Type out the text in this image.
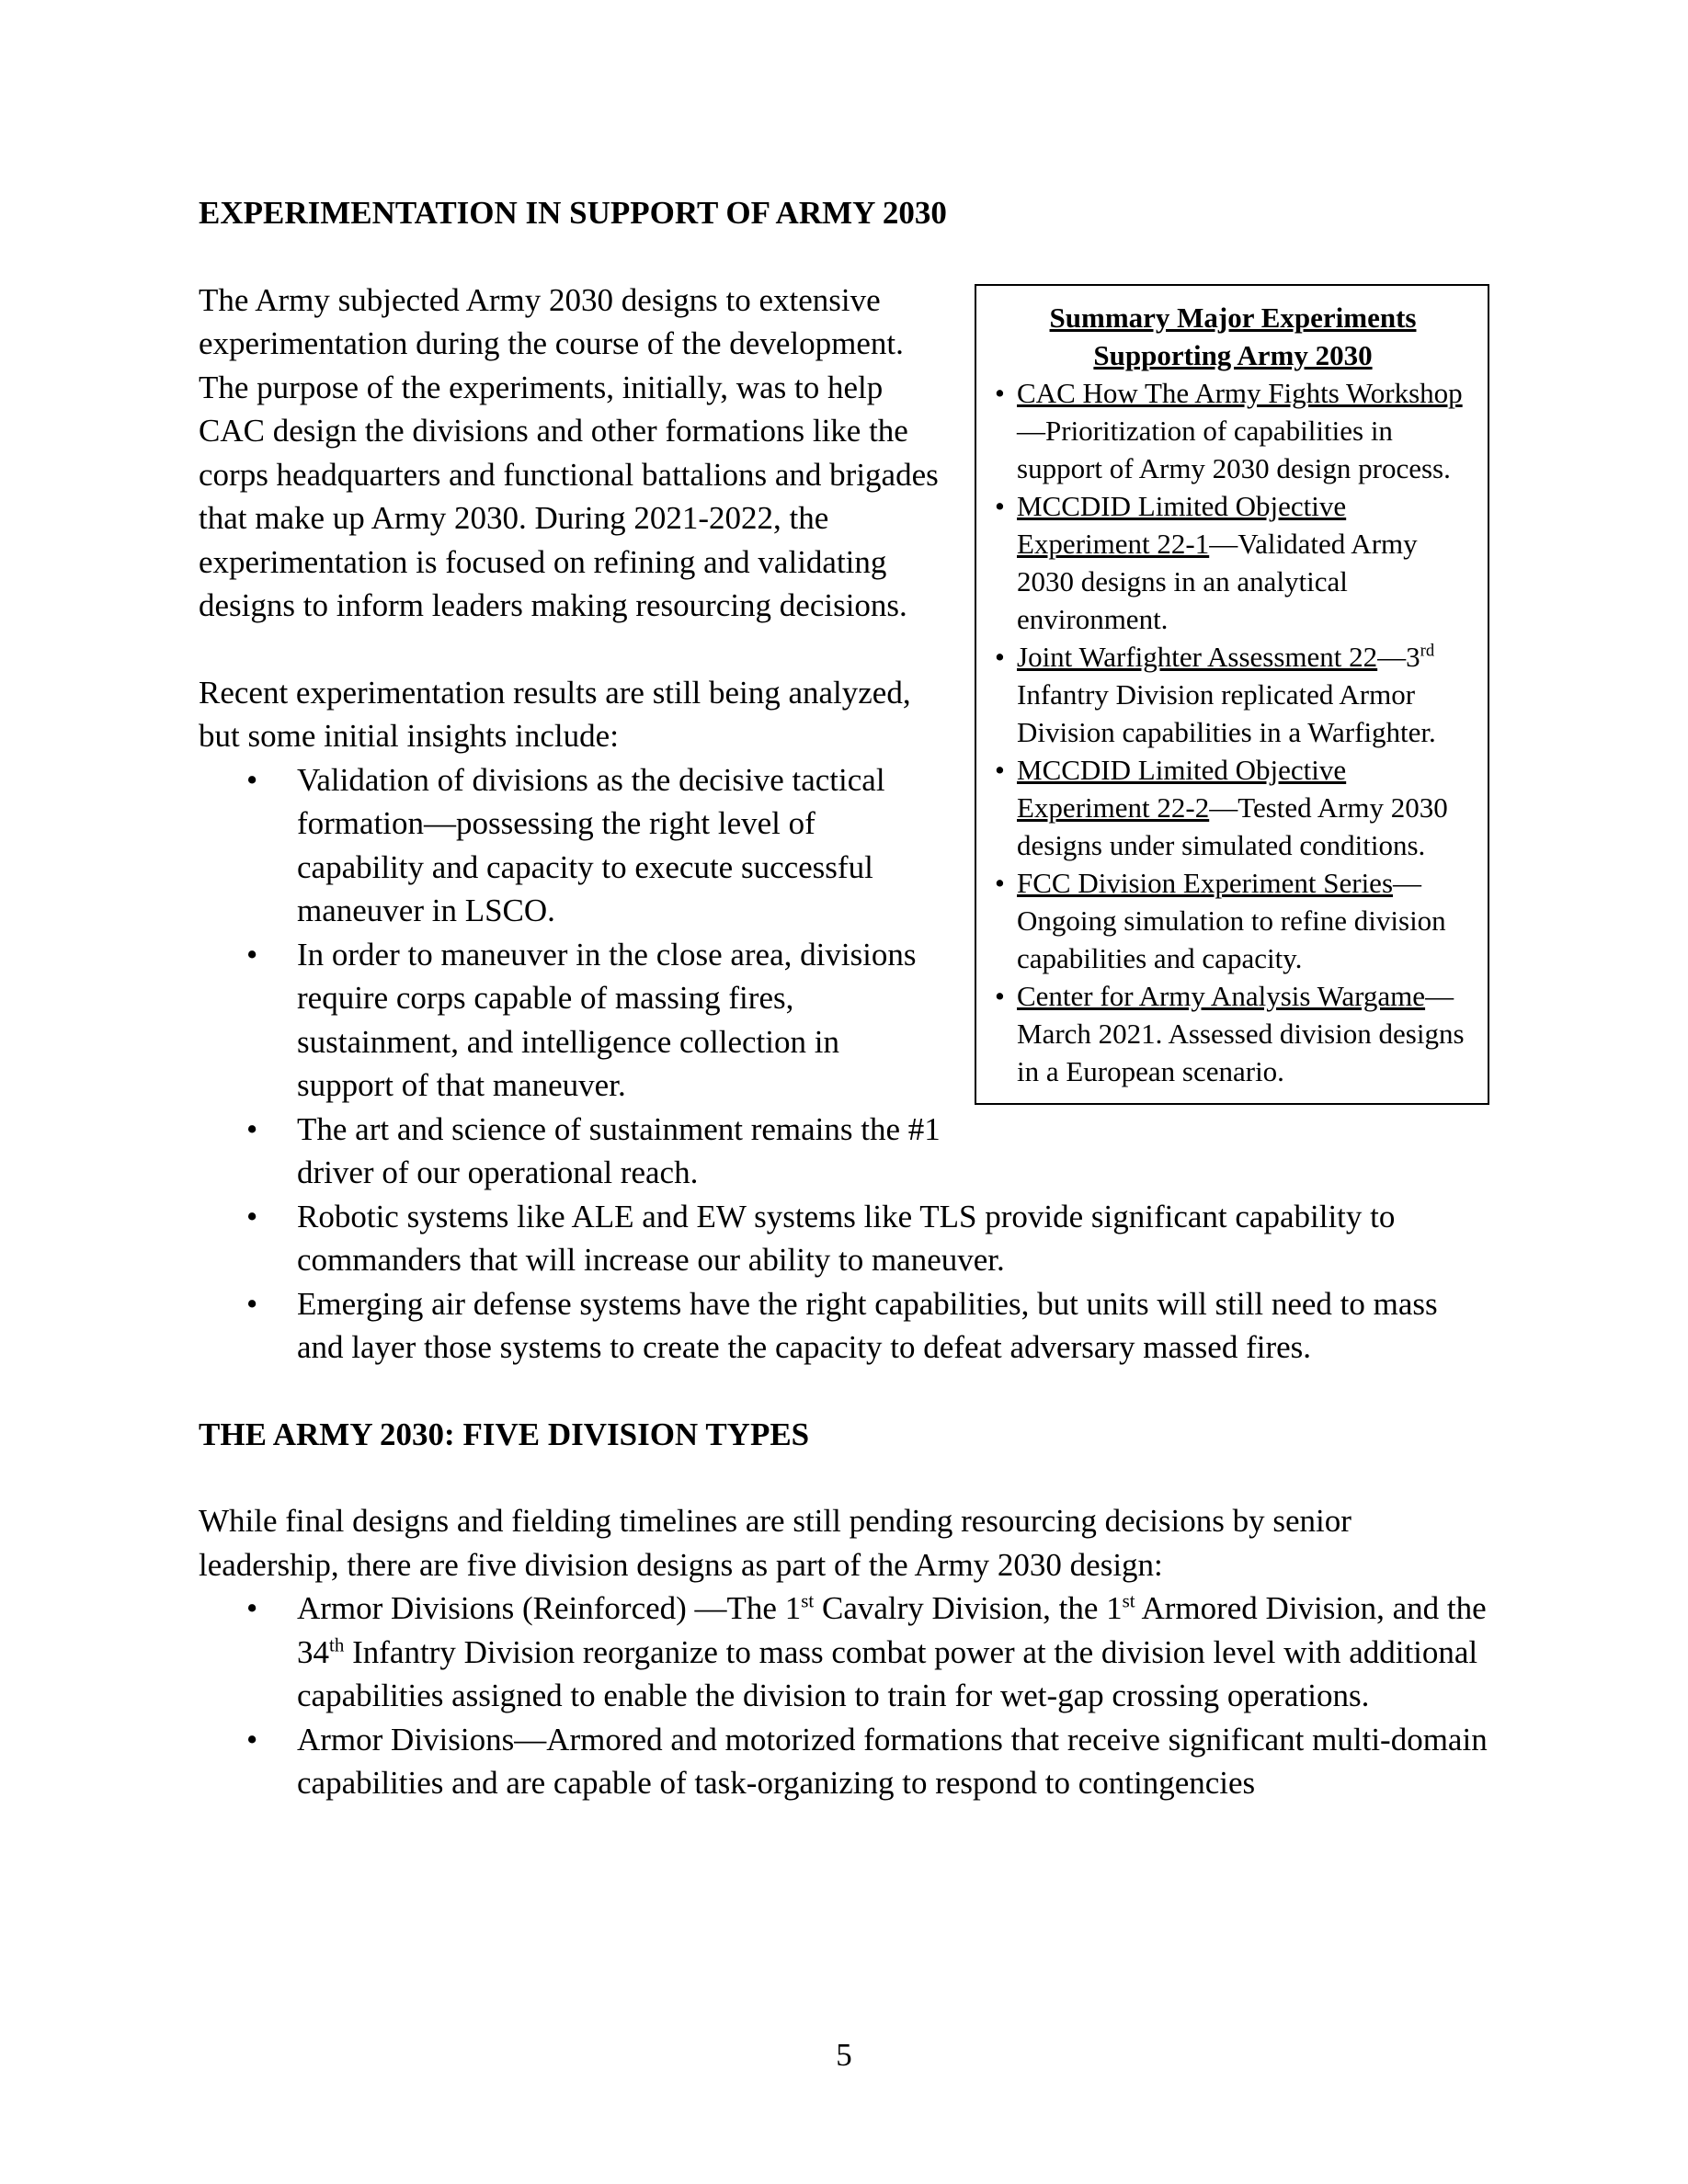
EXPERIMENTATION IN SUPPORT OF ARMY 2030
Summary Major Experiments
Supporting Army 2030
• CAC How The Army Fights Workshop—Prioritization of capabilities in support of Army 2030 design process.
• MCCDID Limited Objective Experiment 22-1—Validated Army 2030 designs in an analytical environment.
• Joint Warfighter Assessment 22—3rd Infantry Division replicated Armor Division capabilities in a Warfighter.
• MCCDID Limited Objective Experiment 22-2—Tested Army 2030 designs under simulated conditions.
• FCC Division Experiment Series— Ongoing simulation to refine division capabilities and capacity.
• Center for Army Analysis Wargame— March 2021. Assessed division designs in a European scenario.

The Army subjected Army 2030 designs to extensive experimentation during the course of the development. The purpose of the experiments, initially, was to help CAC design the divisions and other formations like the corps headquarters and functional battalions and brigades that make up Army 2030. During 2021-2022, the experimentation is focused on refining and validating designs to inform leaders making resourcing decisions.

Recent experimentation results are still being analyzed, but some initial insights include:

• Validation of divisions as the decisive tactical formation—possessing the right level of capability and capacity to execute successful maneuver in LSCO.
• In order to maneuver in the close area, divisions require corps capable of massing fires, sustainment, and intelligence collection in support of that maneuver.
• The art and science of sustainment remains the #1 driver of our operational reach.
• Robotic systems like ALE and EW systems like TLS provide significant capability to commanders that will increase our ability to maneuver.
• Emerging air defense systems have the right capabilities, but units will still need to mass and layer those systems to create the capacity to defeat adversary massed fires.
THE ARMY 2030: FIVE DIVISION TYPES

While final designs and fielding timelines are still pending resourcing decisions by senior leadership, there are five division designs as part of the Army 2030 design:

• Armor Divisions (Reinforced) —The 1st Cavalry Division, the 1st Armored Division, and the 34th Infantry Division reorganize to mass combat power at the division level with additional capabilities assigned to enable the division to train for wet-gap crossing operations.
• Armor Divisions—Armored and motorized formations that receive significant multi-domain capabilities and are capable of task-organizing to respond to contingencies
5
